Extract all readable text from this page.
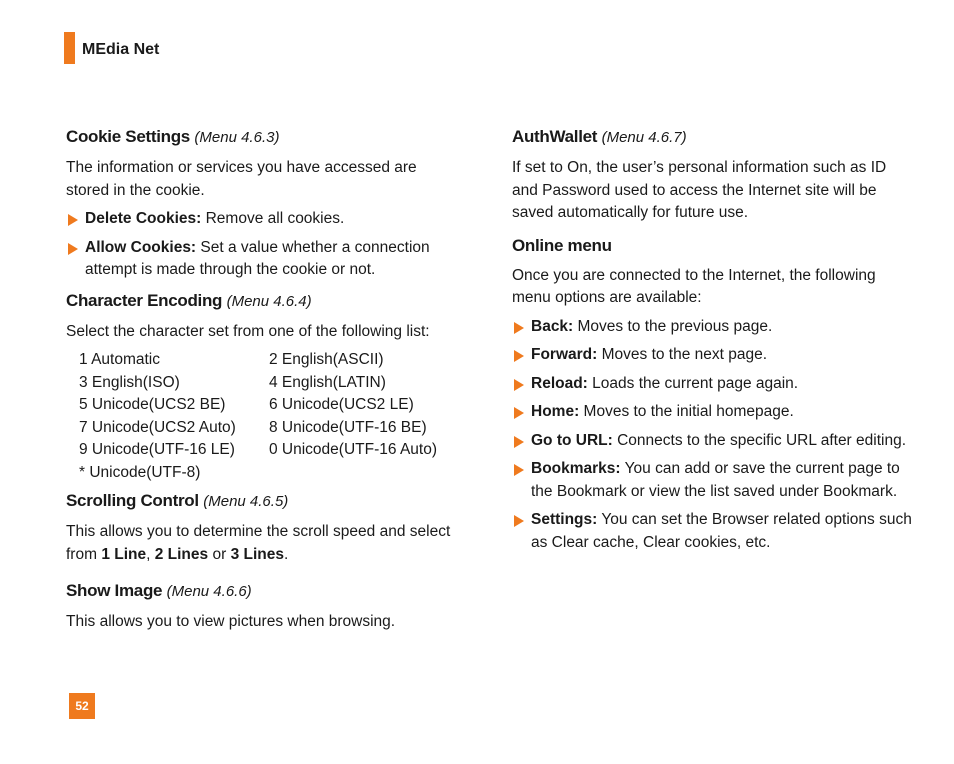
MEdia Net
Cookie Settings (Menu 4.6.3)

The information or services you have accessed are stored in the cookie.

Delete Cookies: Remove all cookies.
Allow Cookies: Set a value whether a connection attempt is made through the cookie or not.
Character Encoding (Menu 4.6.4)

Select the character set from one of the following list:

1 Automatic	2 English(ASCII)
3 English(ISO)	4 English(LATIN)
5 Unicode(UCS2 BE)	6 Unicode(UCS2 LE)
7 Unicode(UCS2 Auto)	8 Unicode(UTF-16 BE)
9 Unicode(UTF-16 LE)	0 Unicode(UTF-16 Auto)
* Unicode(UTF-8)
Scrolling Control (Menu 4.6.5)

This allows you to determine the scroll speed and select from 1 Line, 2 Lines or 3 Lines.

Show Image (Menu 4.6.6)

This allows you to view pictures when browsing.

AuthWallet (Menu 4.6.7)

If set to On, the user’s personal information such as ID and Password used to access the Internet site will be saved automatically for future use.

Online menu

Once you are connected to the Internet, the following menu options are available:

Back: Moves to the previous page.
Forward: Moves to the next page.
Reload: Loads the current page again.
Home: Moves to the initial homepage.
Go to URL: Connects to the specific URL after editing.
Bookmarks: You can add or save the current page to the Bookmark or view the list saved under Bookmark.
Settings: You can set the Browser related options such as Clear cache, Clear cookies, etc.
52
